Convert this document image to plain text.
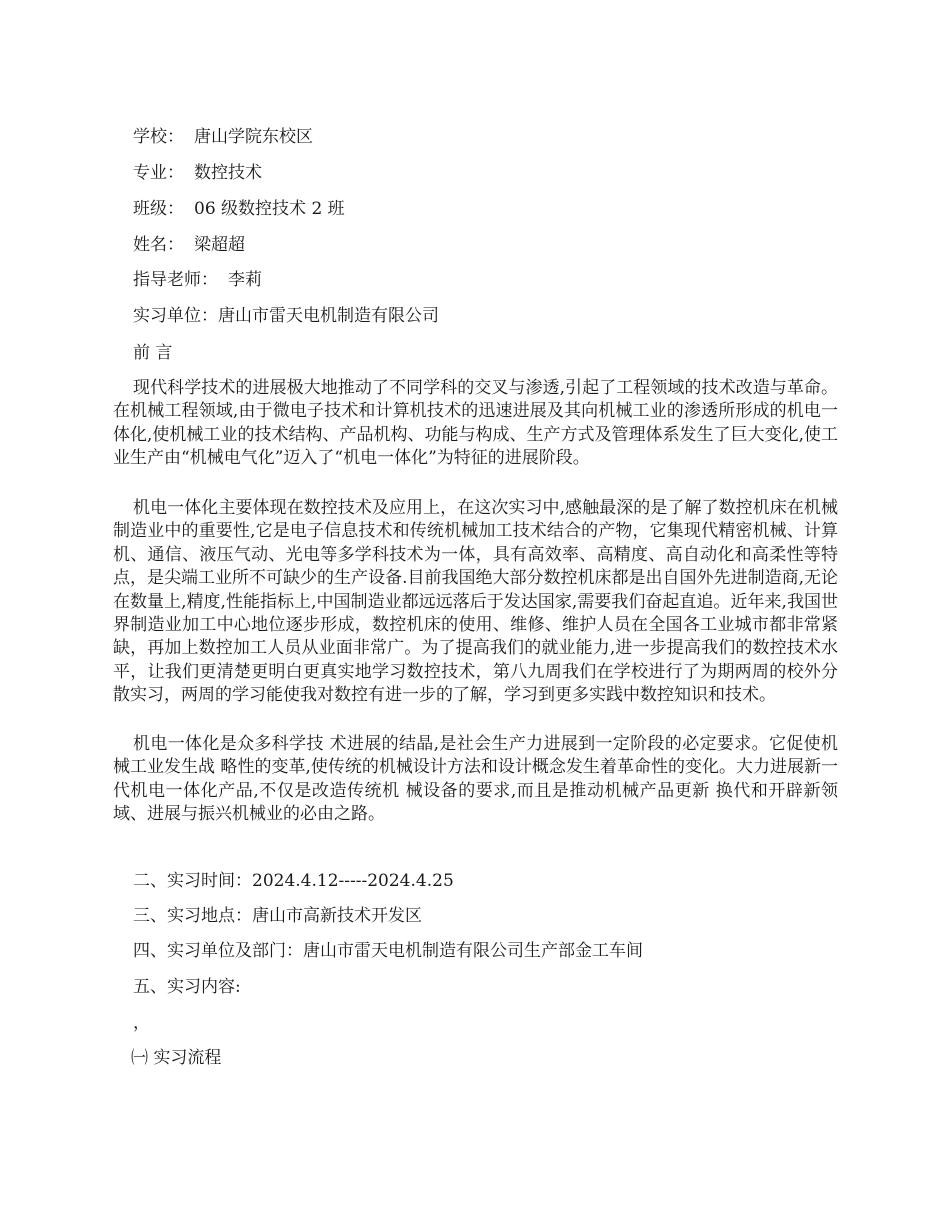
学校： 唐山学院东校区
专业： 数控技术
班级： 06 级数控技术 2 班
姓名： 梁超超
指导老师： 李莉
实习单位：唐山市雷天电机制造有限公司
前 言

现代科学技术的进展极大地推动了不同学科的交叉与渗透,引起了工程领域的技术改造与革命。在机械工程领域,由于微电子技术和计算机技术的迅速进展及其向机械工业的渗透所形成的机电一体化,使机械工业的技术结构、产品机构、功能与构成、生产方式及管理体系发生了巨大变化,使工业生产由“机械电气化”迈入了“机电一体化”为特征的进展阶段。

机电一体化主要体现在数控技术及应用上，在这次实习中,感触最深的是了解了数控机床在机械制造业中的重要性,它是电子信息技术和传统机械加工技术结合的产物，它集现代精密机械、计算机、通信、液压气动、光电等多学科技术为一体，具有高效率、高精度、高自动化和高柔性等特点，是尖端工业所不可缺少的生产设备.目前我国绝大部分数控机床都是出自国外先进制造商,无论在数量上,精度,性能指标上,中国制造业都远远落后于发达国家,需要我们奋起直追。近年来,我国世界制造业加工中心地位逐步形成，数控机床的使用、维修、维护人员在全国各工业城市都非常紧缺，再加上数控加工人员从业面非常广。为了提高我们的就业能力,进一步提高我们的数控技术水平，让我们更清楚更明白更真实地学习数控技术，第八九周我们在学校进行了为期两周的校外分散实习，两周的学习能使我对数控有进一步的了解，学习到更多实践中数控知识和技术。

机电一体化是众多科学技 术进展的结晶,是社会生产力进展到一定阶段的必定要求。它促使机械工业发生战 略性的变革,使传统的机械设计方法和设计概念发生着革命性的变化。大力进展新一代机电一体化产品,不仅是改造传统机 械设备的要求,而且是推动机械产品更新 换代和开辟新领域、进展与振兴机械业的必由之路。

二、实习时间：2024.4.12-----2024.4.25
三、实习地点：唐山市高新技术开发区
四、实习单位及部门：唐山市雷天电机制造有限公司生产部金工车间
五、实习内容:
，
㈠ 实习流程
